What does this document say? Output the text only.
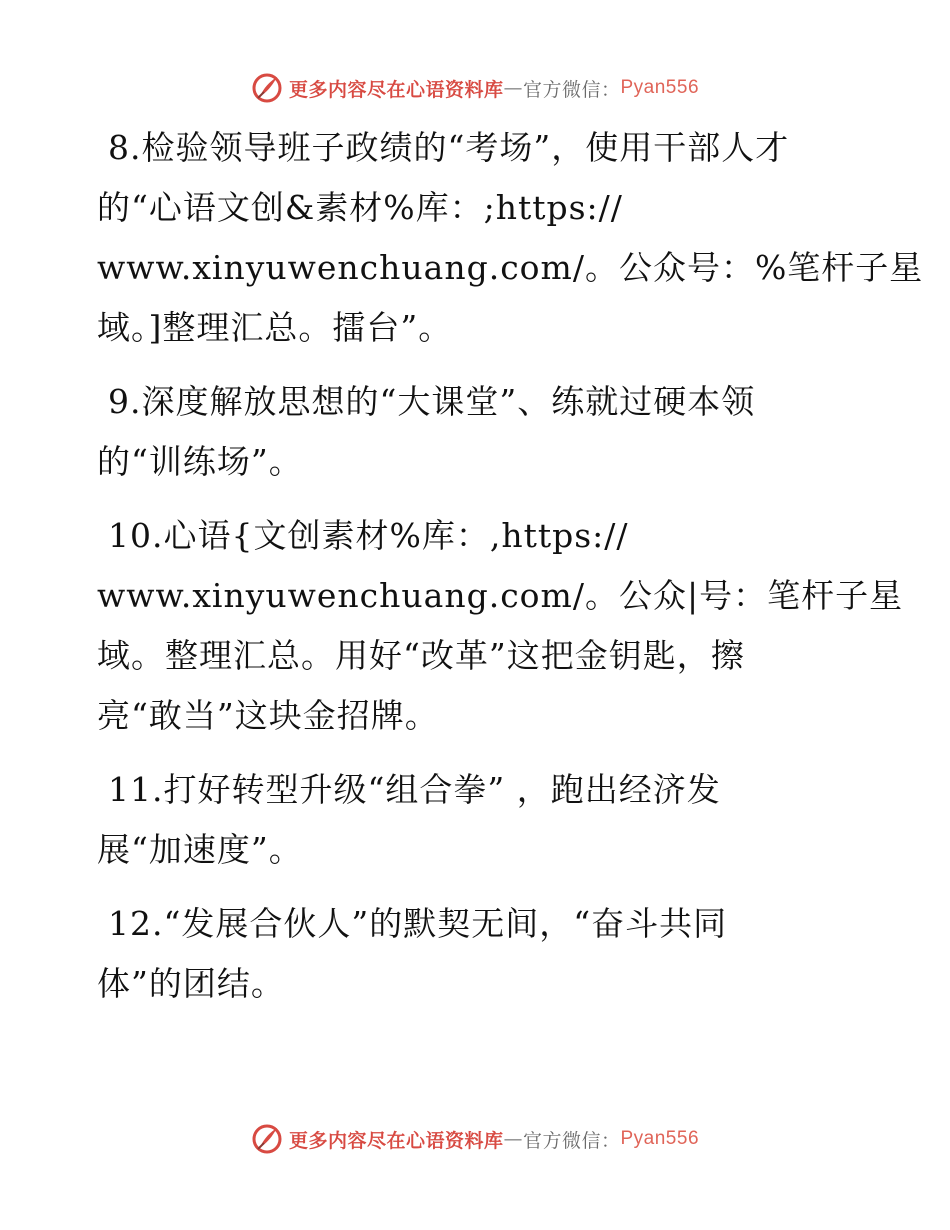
更多内容尽在心语资料库 — 官方微信： Pyan556
8.检验领导班子政绩的“考场”，使用干部人才
的“心语文创&素材%库：;https://
www.xinyuwenchuang.com/。公众号：%笔杆子星
域。]整理汇总。擂台”。
9.深度解放思想的“大课堂”、练就过硬本领
的“训练场”。
10.心语{文创素材%库：,https://
www.xinyuwenchuang.com/。公众|号：笔杆子星
域。整理汇总。用好“改革”这把金钥匙，擦
亮“敢当”这块金招牌。
11.打好转型升级“组合拳” ，跑出经济发
展“加速度”。
12.“发展合伙人”的默契无间，“奋斗共同
体”的团结。
更多内容尽在心语资料库 — 官方微信： Pyan556
